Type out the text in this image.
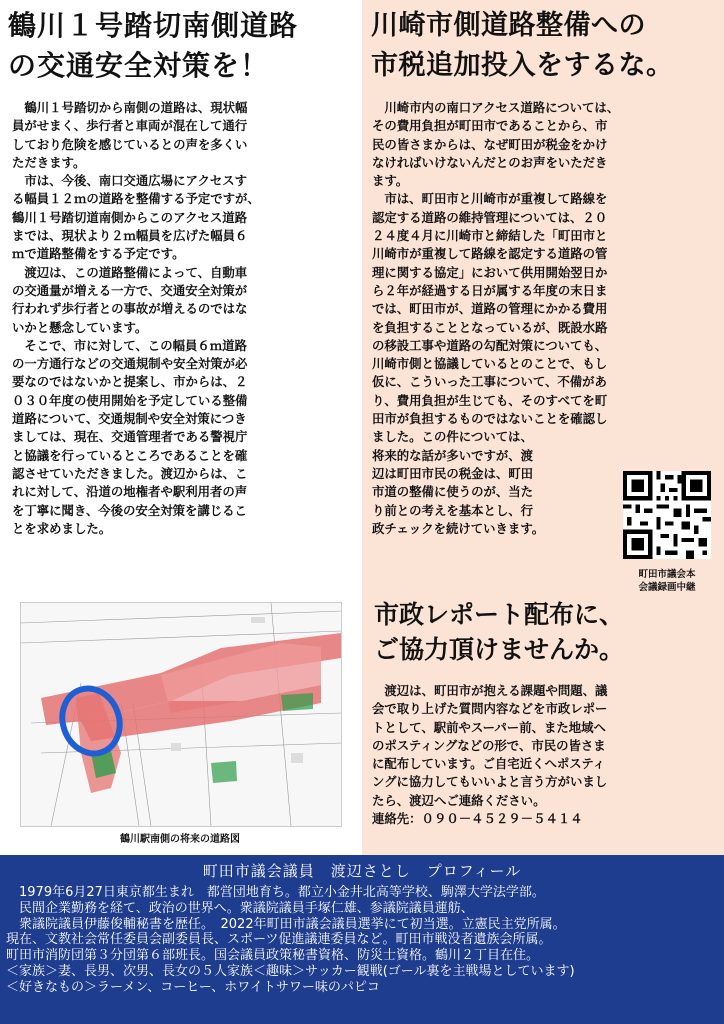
鶴川１号踏切南側道路
の交通安全対策を！
　鶴川１号踏切から南側の道路は、現状幅
員がせまく、歩行者と車両が混在して通行
しており危険を感じているとの声を多くい
ただきます。
　市は、今後、南口交通広場にアクセスす
る幅員１２ｍの道路を整備する予定ですが、
鶴川１号踏切道南側からこのアクセス道路
までは、現状より２ｍ幅員を広げた幅員６
ｍで道路整備をする予定です。
　渡辺は、この道路整備によって、自動車
の交通量が増える一方で、交通安全対策が
行われず歩行者との事故が増えるのではな
いかと懸念しています。
　そこで、市に対して、この幅員６ｍ道路
の一方通行などの交通規制や安全対策が必
要なのではないかと提案し、市からは、２
０３０年度の使用開始を予定している整備
道路について、交通規制や安全対策につき
ましては、現在、交通管理者である警視庁
と協議を行っているところであることを確
認させていただきました。渡辺からは、こ
れに対して、沿道の地権者や駅利用者の声
を丁寧に聞き、今後の安全対策を講じるこ
とを求めました。
鶴川駅南側の将来の道路図
川崎市側道路整備への
市税追加投入をするな。
　川崎市内の南口アクセス道路については、
その費用負担が町田市であることから、市
民の皆さまからは、なぜ町田が税金をかけ
なければいけないんだとのお声をいただき
ます。
　市は、町田市と川崎市が重複して路線を
認定する道路の維持管理については、２０
２４度４月に川崎市と締結した「町田市と
川崎市が重複して路線を認定する道路の管
理に関する協定」において供用開始翌日か
ら２年が経過する日が属する年度の末日ま
では、町田市が、道路の管理にかかる費用
を負担することとなっているが、既設水路
の移設工事や道路の勾配対策についても、
川崎市側と協議しているとのことで、もし
仮に、こういった工事について、不備があ
り、費用負担が生じても、そのすべてを町
田市が負担するものではないことを確認し
ました。この件については、
将来的な話が多いですが、渡
辺は町田市民の税金は、町田
市道の整備に使うのが、当た
り前との考えを基本とし、行
政チェックを続けていきます。
市政レポート配布に、
ご協力頂けませんか。
　渡辺は、町田市が抱える課題や問題、議
会で取り上げた質問内容などを市政レポー
トとして、駅前やスーパー前、また地域へ
のポスティングなどの形で、市民の皆さま
に配布しています。ご自宅近くへポスティ
ングに協力してもいいよと言う方がいまし
たら、渡辺へご連絡ください。
連絡先：０９０－４５２９－５４１４
町田市議会本
会議録画中継
町田市議会議員　渡辺さとし　プロフィール
　1979年6月27日東京都生まれ　都営団地育ち。都立小金井北高等学校、駒澤大学法学部。
　民間企業勤務を経て、政治の世界へ。衆議院議員手塚仁雄、参議院議員蓮舫、
　衆議院議員伊藤俊輔秘書を歴任。　2022年町田市議会議員選挙にて初当選。立憲民主党所属。
現在、文教社会常任委員会副委員長、スポーツ促進議連委員など。町田市戦没者遺族会所属。
町田市消防団第３分団第６部班長。国会議員政策秘書資格、防災士資格。鶴川２丁目在住。
＜家族＞妻、長男、次男、長女の５人家族＜趣味＞サッカー観戦(ゴール裏を主戦場としています)
＜好きなもの＞ラーメン、コーヒー、ホワイトサワー味のパピコ
